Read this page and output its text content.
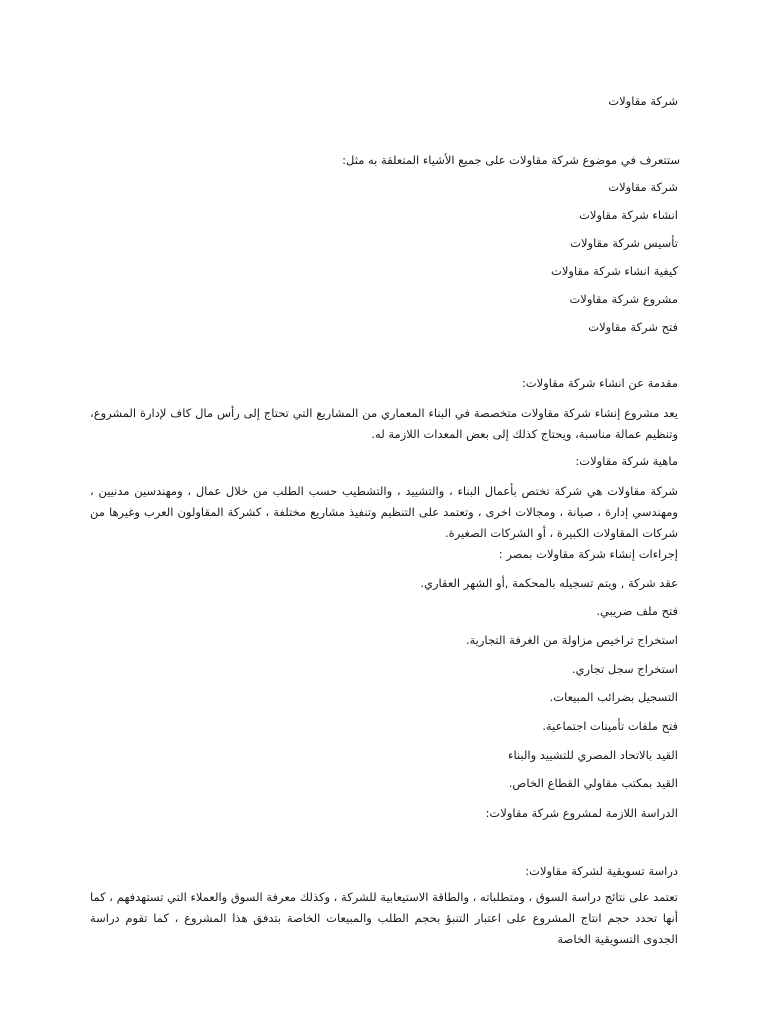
شركة مقاولات
ستتعرف في موضوع شركة مقاولات على جميع الأشياء المتعلقة به مثل:
شركة مقاولات
انشاء شركة مقاولات
تأسيس شركة مقاولات
كيفية انشاء شركة مقاولات
مشروع شركة مقاولات
فتح شركة مقاولات
مقدمة عن انشاء شركة مقاولات:
يعد مشروع إنشاء شركة مقاولات متخصصة في البناء المعماري من المشاريع التي تحتاج إلى رأس مال كاف لإدارة المشروع، وتنظيم عمالة مناسبة، ويحتاج كذلك إلى بعض المعدات اللازمة له.
ماهية شركة مقاولات:
شركة مقاولات هي شركة تختص بأعمال البناء ، والتشييد ، والتشطيب حسب الطلب من خلال عمال ، ومهندسين مدنيين ، ومهندسي إدارة ، صيانة ، ومجالات اخرى ، وتعتمد على التنظيم وتنفيذ مشاريع مختلفة ، كشركة المقاولون العرب وغيرها من شركات المقاولات الكبيرة ، أو الشركات الصغيرة.
إجراءات إنشاء شركة مقاولات بمصر :
عقد شركة , ويتم تسجيله بالمحكمة ,أو الشهر العقاري.
فتح ملف ضريبي.
استخراج تراخيص مزاولة من الغرفة التجارية.
استخراج سجل تجاري.
التسجيل بضرائب المبيعات.
فتح ملفات تأمينات اجتماعية.
القيد بالاتحاد المصري للتشييد والبناء
القيد بمكتب مقاولي القطاع الخاص.
الدراسة اللازمة لمشروع شركة مقاولات:
دراسة تسويقية لشركة مقاولات:
تعتمد على نتائج دراسة السوق ، ومتطلباته ، والطاقة الاستيعابية للشركة ، وكذلك معرفة السوق والعملاء التي تستهدفهم ، كما أنها تحدد حجم انتاج المشروع على اعتبار التنبؤ بحجم الطلب والمبيعات الخاصة بتدفق هذا المشروع ، كما تقوم دراسة الجدوى التسويقية الخاصة
